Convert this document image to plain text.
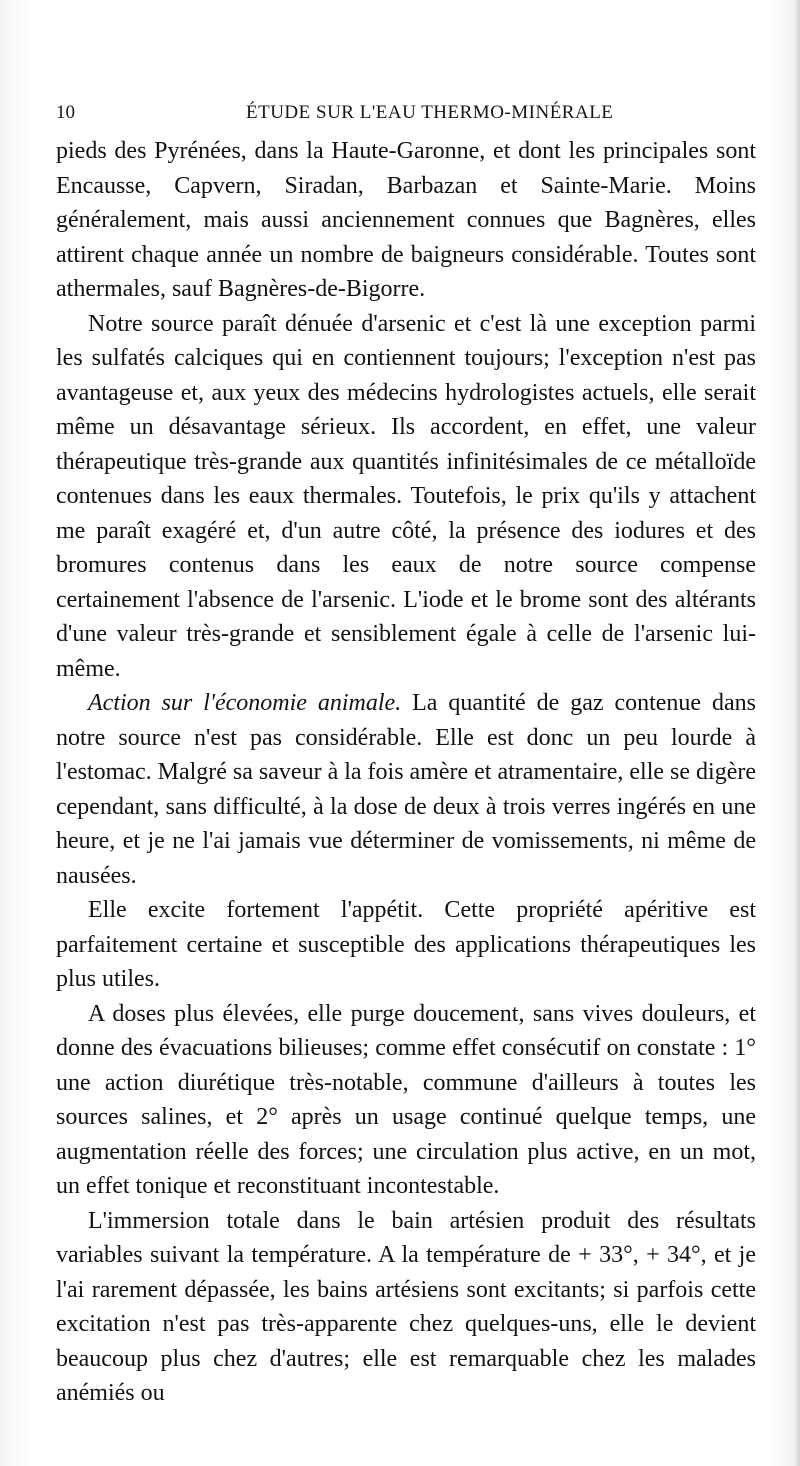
10	ÉTUDE SUR L'EAU THERMO-MINÉRALE

pieds des Pyrénées, dans la Haute-Garonne, et dont les principales sont Encausse, Capvern, Siradan, Barbazan et Sainte-Marie. Moins généralement, mais aussi anciennement connues que Bagnères, elles attirent chaque année un nombre de baigneurs considérable. Toutes sont athermales, sauf Bagnères-de-Bigorre.

Notre source paraît dénuée d'arsenic et c'est là une exception parmi les sulfatés calciques qui en contiennent toujours; l'exception n'est pas avantageuse et, aux yeux des médecins hydrologistes actuels, elle serait même un désavantage sérieux. Ils accordent, en effet, une valeur thérapeutique très-grande aux quantités infinitésimales de ce métalloïde contenues dans les eaux thermales. Toutefois, le prix qu'ils y attachent me paraît exagéré et, d'un autre côté, la présence des iodures et des bromures contenus dans les eaux de notre source compense certainement l'absence de l'arsenic. L'iode et le brome sont des altérants d'une valeur très-grande et sensiblement égale à celle de l'arsenic lui-même.

Action sur l'économie animale. La quantité de gaz contenue dans notre source n'est pas considérable. Elle est donc un peu lourde à l'estomac. Malgré sa saveur à la fois amère et atramentaire, elle se digère cependant, sans difficulté, à la dose de deux à trois verres ingérés en une heure, et je ne l'ai jamais vue déterminer de vomissements, ni même de nausées.

Elle excite fortement l'appétit. Cette propriété apéritive est parfaitement certaine et susceptible des applications thérapeutiques les plus utiles.

A doses plus élevées, elle purge doucement, sans vives douleurs, et donne des évacuations bilieuses; comme effet consécutif on constate : 1° une action diurétique très-notable, commune d'ailleurs à toutes les sources salines, et 2° après un usage continué quelque temps, une augmentation réelle des forces; une circulation plus active, en un mot, un effet tonique et reconstituant incontestable.

L'immersion totale dans le bain artésien produit des résultats variables suivant la température. A la température de + 33°, + 34°, et je l'ai rarement dépassée, les bains artésiens sont excitants; si parfois cette excitation n'est pas très-apparente chez quelques-uns, elle le devient beaucoup plus chez d'autres; elle est remarquable chez les malades anémiés ou
